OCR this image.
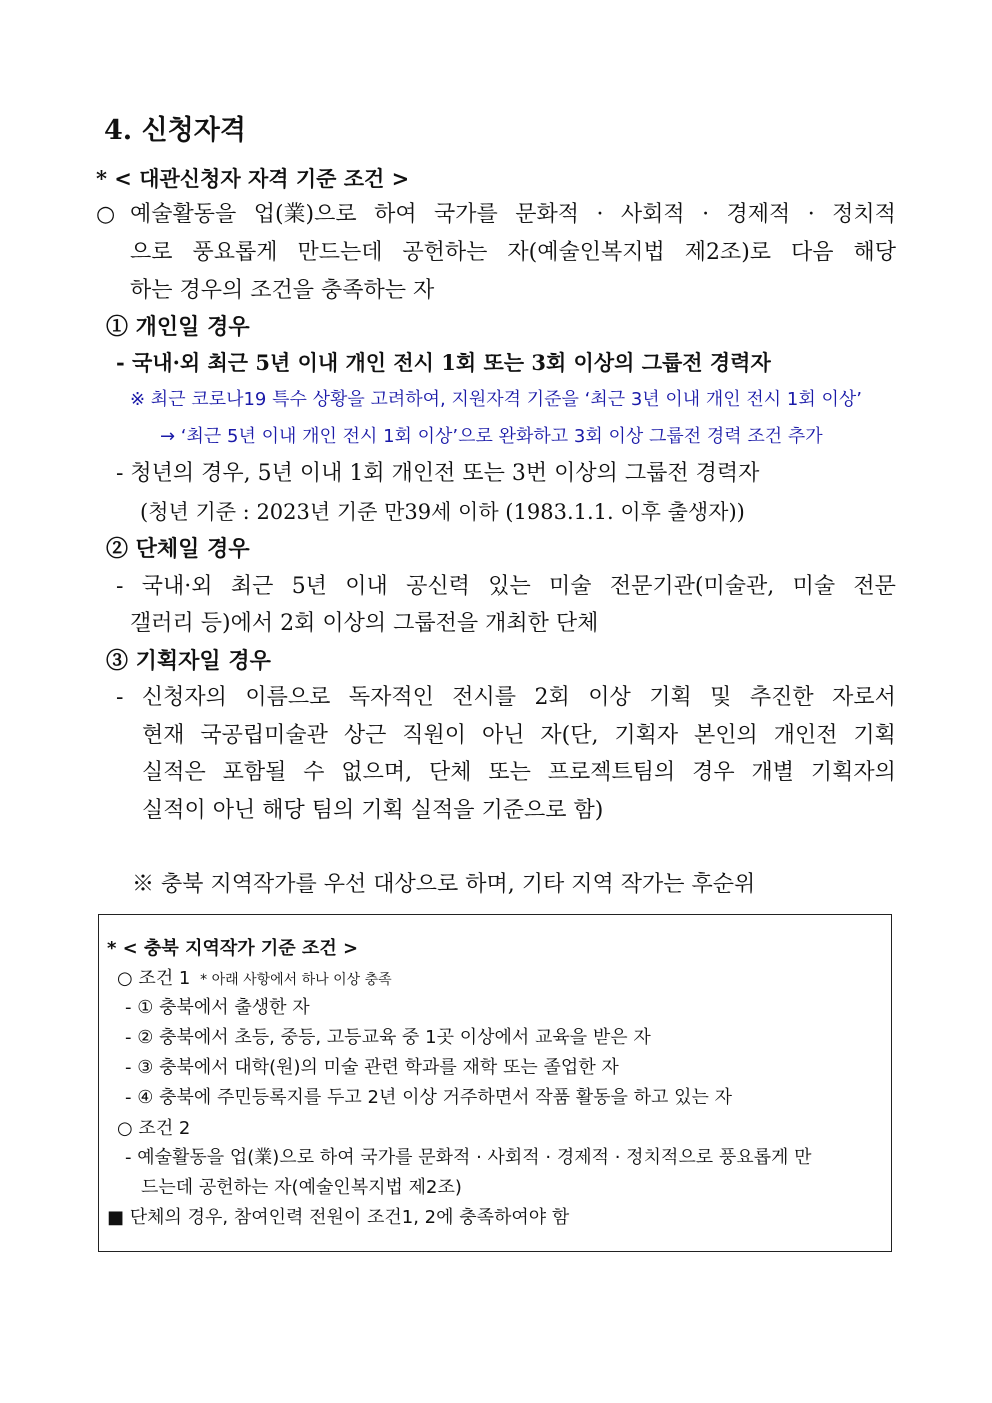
4. 신청자격
* < 대관신청자 자격 기준 조건 >
○ 예술활동을 업(業)으로 하여 국가를 문화적 · 사회적 · 경제적 · 정치적
으로 풍요롭게 만드는데 공헌하는 자(예술인복지법 제2조)로 다음 해당
하는 경우의 조건을 충족하는 자
① 개인일 경우
- 국내·외 최근 5년 이내 개인 전시 1회 또는 3회 이상의 그룹전 경력자
※ 최근 코로나19 특수 상황을 고려하여, 지원자격 기준을 ‘최근 3년 이내 개인 전시 1회 이상’
→ ‘최근 5년 이내 개인 전시 1회 이상’으로 완화하고 3회 이상 그룹전 경력 조건 추가
- 청년의 경우, 5년 이내 1회 개인전 또는 3번 이상의 그룹전 경력자
(청년 기준 : 2023년 기준 만39세 이하 (1983.1.1. 이후 출생자))
② 단체일 경우
- 국내·외 최근 5년 이내 공신력 있는 미술 전문기관(미술관, 미술 전문
갤러리 등)에서 2회 이상의 그룹전을 개최한 단체
③ 기획자일 경우
- 신청자의 이름으로 독자적인 전시를 2회 이상 기획 및 추진한 자로서
현재 국공립미술관 상근 직원이 아닌 자(단, 기획자 본인의 개인전 기획
실적은 포함될 수 없으며, 단체 또는 프로젝트팀의 경우 개별 기획자의
실적이 아닌 해당 팀의 기획 실적을 기준으로 함)
※ 충북 지역작가를 우선 대상으로 하며, 기타 지역 작가는 후순위
* < 충북 지역작가 기준 조건 >
○ 조건 1 * 아래 사항에서 하나 이상 충족
- ① 충북에서 출생한 자
- ② 충북에서 초등, 중등, 고등교육 중 1곳 이상에서 교육을 받은 자
- ③ 충북에서 대학(원)의 미술 관련 학과를 재학 또는 졸업한 자
- ④ 충북에 주민등록지를 두고 2년 이상 거주하면서 작품 활동을 하고 있는 자
○ 조건 2
- 예술활동을 업(業)으로 하여 국가를 문화적 · 사회적 · 경제적 · 정치적으로 풍요롭게 만
드는데 공헌하는 자(예술인복지법 제2조)
■ 단체의 경우, 참여인력 전원이 조건1, 2에 충족하여야 함
